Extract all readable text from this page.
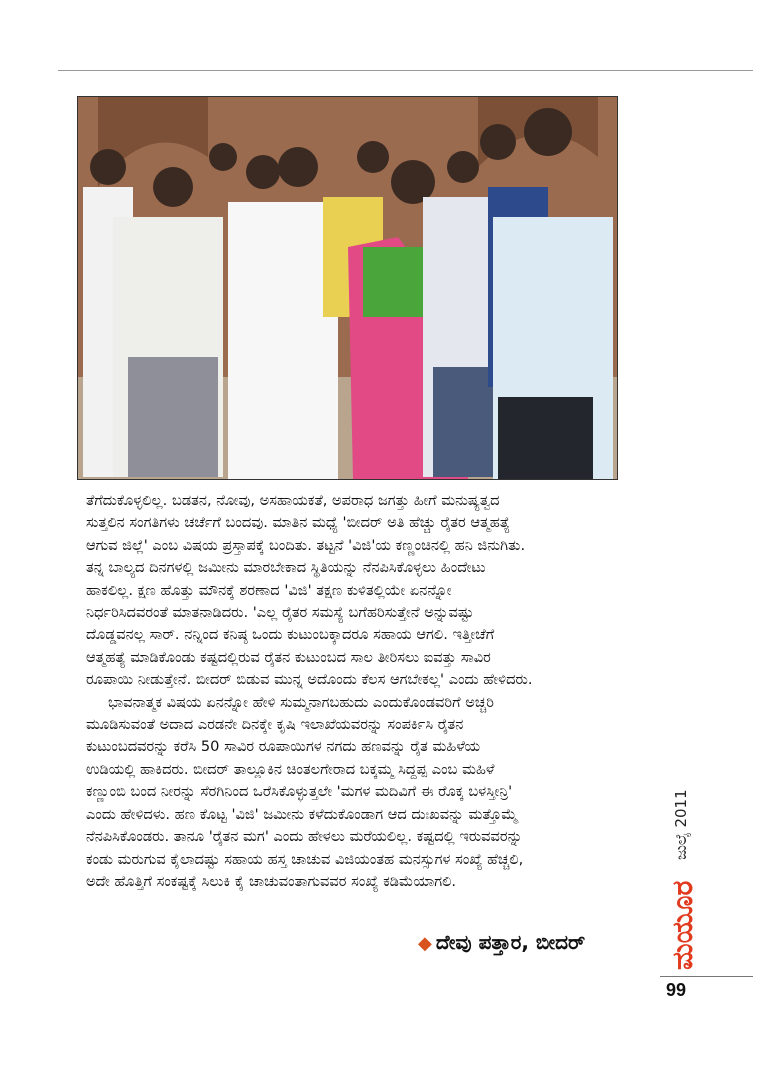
ತೆಗೆದುಕೊಳ್ಳಲಿಲ್ಲ. ಬಡತನ, ನೋವು, ಅಸಹಾಯಕತೆ, ಅಪರಾಧ ಜಗತ್ತು ಹೀಗೆ ಮನುಷ್ಯತ್ವದ
ಸುತ್ತಲಿನ ಸಂಗತಿಗಳು ಚರ್ಚೆಗೆ ಬಂದವು. ಮಾತಿನ ಮಧ್ಯೆ 'ಬೀದರ್ ಅತಿ ಹೆಚ್ಚು ರೈತರ ಆತ್ಮಹತ್ಯೆ
ಆಗುವ ಜಿಲ್ಲೆ' ಎಂಬ ವಿಷಯ ಪ್ರಸ್ತಾಪಕ್ಕೆ ಬಂದಿತು. ತಟ್ಟನೆ 'ವಿಜಿ'ಯ ಕಣ್ಣಂಚಿನಲ್ಲಿ ಹನಿ ಜಿನುಗಿತು.
ತನ್ನ ಬಾಲ್ಯದ ದಿನಗಳಲ್ಲಿ ಜಮೀನು ಮಾರಬೇಕಾದ ಸ್ಥಿತಿಯನ್ನು ನೆನಪಿಸಿಕೊಳ್ಳಲು ಹಿಂದೇಟು
ಹಾಕಲಿಲ್ಲ. ಕ್ಷಣ ಹೊತ್ತು ಮೌನಕ್ಕೆ ಶರಣಾದ 'ವಿಜಿ' ತಕ್ಷಣ ಕುಳಿತಲ್ಲಿಯೇ ಏನನ್ನೋ
ನಿರ್ಧರಿಸಿದವರಂತೆ ಮಾತನಾಡಿದರು. 'ಎಲ್ಲ ರೈತರ ಸಮಸ್ಯೆ ಬಗೆಹರಿಸುತ್ತೇನೆ ಅನ್ನುವಷ್ಟು
ದೊಡ್ಡವನಲ್ಲ ಸಾರ್. ನನ್ನಿಂದ ಕನಿಷ್ಠ ಒಂದು ಕುಟುಂಬಕ್ಕಾದರೂ ಸಹಾಯ ಆಗಲಿ. ಇತ್ತೀಚೆಗೆ
ಆತ್ಮಹತ್ಯೆ ಮಾಡಿಕೊಂಡು ಕಷ್ಟದಲ್ಲಿರುವ ರೈತನ ಕುಟುಂಬದ ಸಾಲ ತೀರಿಸಲು ಐವತ್ತು ಸಾವಿರ
ರೂಪಾಯಿ ನೀಡುತ್ತೇನೆ. ಬೀದರ್ ಬಿಡುವ ಮುನ್ನ ಅದೊಂದು ಕೆಲಸ ಆಗಬೇಕಲ್ಲ' ಎಂದು ಹೇಳಿದರು.

ಭಾವನಾತ್ಮಕ ವಿಷಯ ಏನನ್ನೋ ಹೇಳಿ ಸುಮ್ಮನಾಗಬಹುದು ಎಂದುಕೊಂಡವರಿಗೆ ಅಚ್ಚರಿ
ಮೂಡಿಸುವಂತೆ ಅದಾದ ಎರಡನೇ ದಿನಕ್ಕೇ ಕೃಷಿ ಇಲಾಖೆಯವರನ್ನು ಸಂಪರ್ಕಿಸಿ ರೈತನ
ಕುಟುಂಬದವರನ್ನು ಕರೆಸಿ 50 ಸಾವಿರ ರೂಪಾಯಿಗಳ ನಗದು ಹಣವನ್ನು ರೈತ ಮಹಿಳೆಯ
ಉಡಿಯಲ್ಲಿ ಹಾಕಿದರು. ಬೀದರ್ ತಾಲ್ಲೂಕಿನ ಚಿಂತಲಗೇರಾದ ಬಕ್ಕಮ್ಮ ಸಿದ್ದಪ್ಪ ಎಂಬ ಮಹಿಳೆ
ಕಣ್ಣುಂಬಿ ಬಂದ ನೀರನ್ನು ಸೆರಗಿನಿಂದ ಒರೆಸಿಕೊಳ್ಳುತ್ತಲೇ 'ಮಗಳ ಮದಿವಿಗೆ ಈ ರೊಕ್ಕ ಬಳಸ್ತೀನ್ರಿ'
ಎಂದು ಹೇಳಿದಳು. ಹಣ ಕೊಟ್ಟ 'ವಿಜಿ' ಜಮೀನು ಕಳೆದುಕೊಂಡಾಗ ಆದ ದುಃಖವನ್ನು ಮತ್ತೊಮ್ಮೆ
ನೆನಪಿಸಿಕೊಂಡರು. ತಾನೂ 'ರೈತನ ಮಗ' ಎಂದು ಹೇಳಲು ಮರೆಯಲಿಲ್ಲ. ಕಷ್ಟದಲ್ಲಿ ಇರುವವರನ್ನು
ಕಂಡು ಮರುಗುವ ಕೈಲಾದಷ್ಟು ಸಹಾಯ ಹಸ್ತ ಚಾಚುವ ವಿಜಿಯಂತಹ ಮನಸ್ಸುಗಳ ಸಂಖ್ಯೆ ಹೆಚ್ಚಲಿ,
ಅದೇ ಹೊತ್ತಿಗೆ ಸಂಕಷ್ಟಕ್ಕೆ ಸಿಲುಕಿ ಕೈ ಚಾಚುವಂತಾಗುವವರ ಸಂಖ್ಯೆ ಕಡಿಮೆಯಾಗಲಿ.

◆ ದೇವು ಪತ್ತಾರ, ಬೀದರ್
ಜುಲೈ 2011
ಮಯೂರ
99
